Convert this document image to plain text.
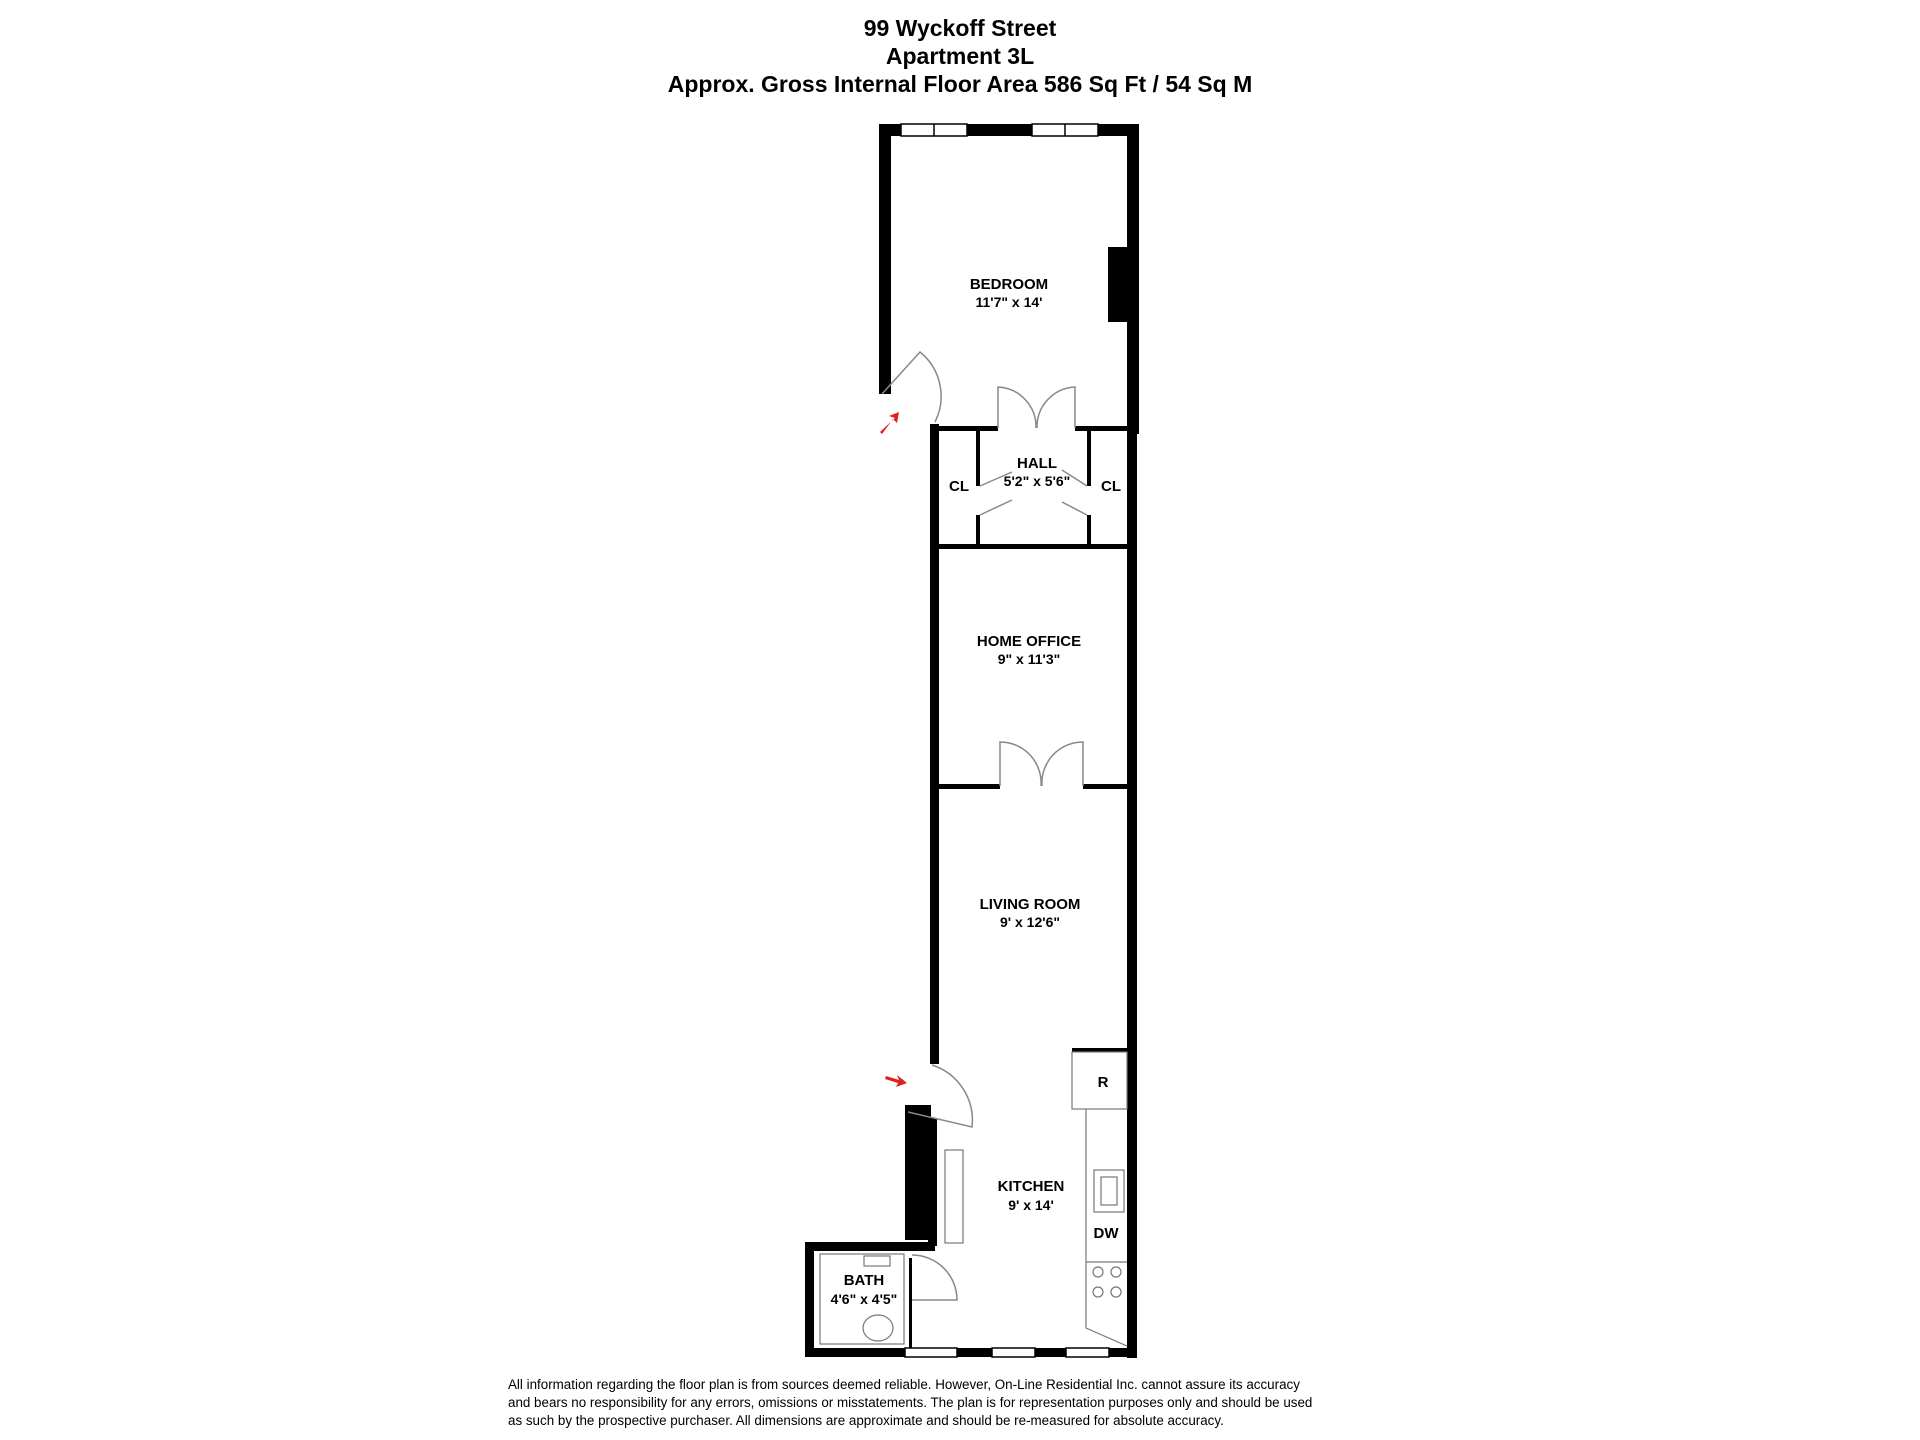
99 Wyckoff Street
Apartment 3L
Approx. Gross Internal Floor Area 586 Sq Ft / 54 Sq M
BEDROOM
11'7" x 14'
HALL
5'2" x 5'6"
CL	CL
HOME OFFICE
9" x 11'3"
LIVING ROOM
9' x 12'6"
KITCHEN
9' x 14'
BATH
4'6" x 4'5"
R
DW
All information regarding the floor plan is from sources deemed reliable. However, On-Line Residential Inc. cannot assure its accuracy
and bears no responsibility for any errors, omissions or misstatements. The plan is for representation purposes only and should be used
as such by the prospective purchaser. All dimensions are approximate and should be re-measured for absolute accuracy.
